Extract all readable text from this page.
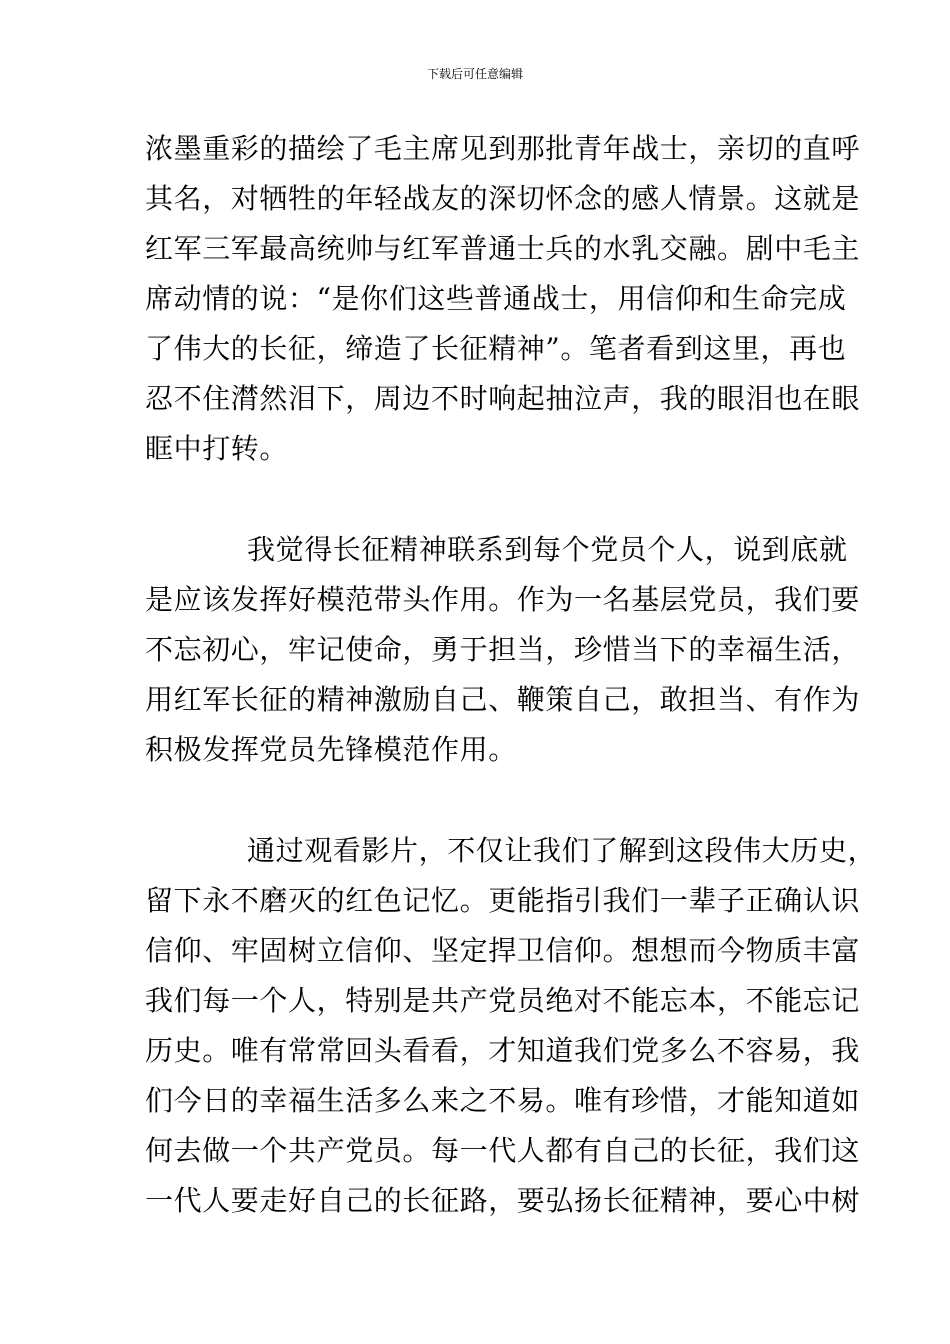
下载后可任意编辑
浓墨重彩的描绘了毛主席见到那批青年战士，亲切的直呼
其名，对牺牲的年轻战友的深切怀念的感人情景。这就是
红军三军最高统帅与红军普通士兵的水乳交融。剧中毛主
席动情的说：“是你们这些普通战士，用信仰和生命完成
了伟大的长征，缔造了长征精神”。笔者看到这里，再也
忍不住潸然泪下，周边不时响起抽泣声，我的眼泪也在眼
眶中打转。
我觉得长征精神联系到每个党员个人，说到底就
是应该发挥好模范带头作用。作为一名基层党员，我们要
不忘初心，牢记使命，勇于担当，珍惜当下的幸福生活，
用红军长征的精神激励自己、鞭策自己，敢担当、有作为
积极发挥党员先锋模范作用。
通过观看影片，不仅让我们了解到这段伟大历史，
留下永不磨灭的红色记忆。更能指引我们一辈子正确认识
信仰、牢固树立信仰、坚定捍卫信仰。想想而今物质丰富
我们每一个人，特别是共产党员绝对不能忘本，不能忘记
历史。唯有常常回头看看，才知道我们党多么不容易，我
们今日的幸福生活多么来之不易。唯有珍惜，才能知道如
何去做一个共产党员。每一代人都有自己的长征，我们这
一代人要走好自己的长征路，要弘扬长征精神，要心中树
